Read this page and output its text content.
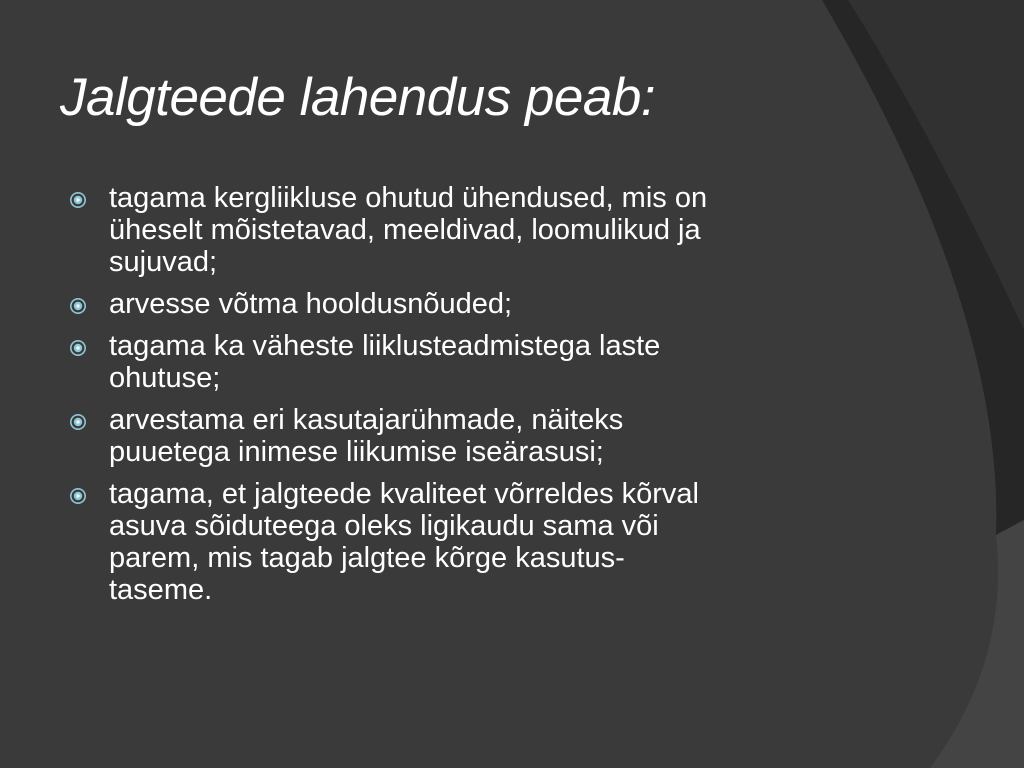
Jalgteede lahendus peab:
tagama kergliikluse ohutud ühendused, mis on
üheselt mõistetavad, meeldivad, loomulikud ja
sujuvad;
arvesse võtma hooldusnõuded;
tagama ka väheste liiklusteadmistega laste
ohutuse;
arvestama eri kasutajarühmade, näiteks
puuetega inimese liikumise iseärasusi;
tagama, et jalgteede kvaliteet võrreldes kõrval
asuva sõiduteega oleks ligikaudu sama või
parem, mis tagab jalgtee kõrge kasutus-
taseme.
